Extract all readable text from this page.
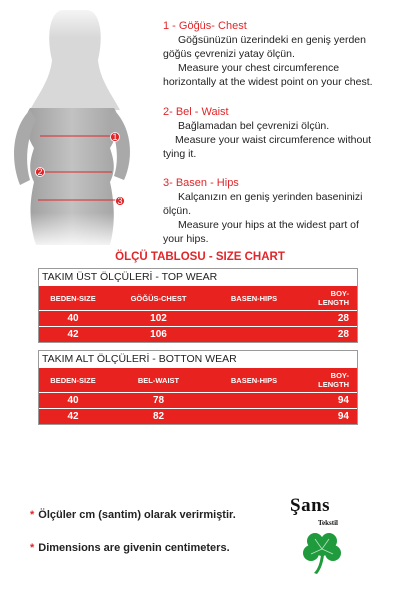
1
2
3
1 - Göğüs- Chest
Göğsünüzün üzerindeki en geniş yerden
göğüs çevrenizi yatay ölçün.
Measure your chest circumference
horizontally at the widest point on your chest.
2- Bel - Waist
Bağlamadan bel çevrenizi ölçün.
Measure your waist circumference without
tying it.
3- Basen - Hips
Kalçanızın en geniş yerinden baseninizi
ölçün.
Measure your hips at the widest part of
your hips.
ÖLÇÜ TABLOSU - SIZE CHART
TAKIM ÜST ÖLÇÜLERİ - TOP WEAR
BEDEN-SIZE	GÖĞÜS-CHEST	BASEN-HIPS	BOY-LENGTH
40	102		28
42	106		28
TAKIM ALT ÖLÇÜLERİ - BOTTON WEAR
BEDEN-SIZE	BEL-WAIST	BASEN-HIPS	BOY-LENGTH
40	78		94
42	82		94
* Ölçüler cm (santim) olarak verirmiştir.
* Dimensions are givenin centimeters.
Şans
Tekstil
